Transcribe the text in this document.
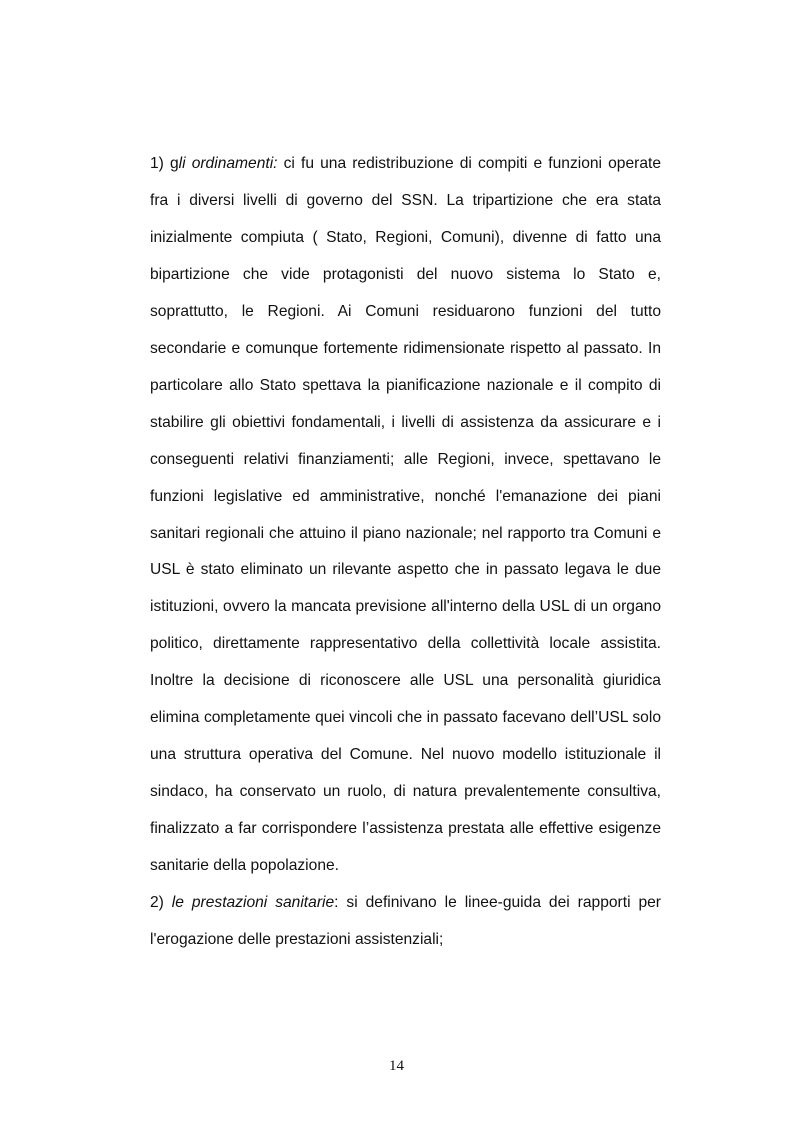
1) gli ordinamenti: ci fu una redistribuzione di compiti e funzioni operate fra i diversi livelli di governo del SSN. La tripartizione che era stata inizialmente compiuta ( Stato, Regioni, Comuni), divenne di fatto una bipartizione che vide protagonisti del nuovo sistema lo Stato e, soprattutto, le Regioni. Ai Comuni residuarono funzioni del tutto secondarie e comunque fortemente ridimensionate rispetto al passato. In particolare allo Stato spettava la pianificazione nazionale e il compito di stabilire gli obiettivi fondamentali, i livelli di assistenza da assicurare e i conseguenti relativi finanziamenti; alle Regioni, invece, spettavano le funzioni legislative ed amministrative, nonché l'emanazione dei piani sanitari regionali che attuino il piano nazionale; nel rapporto tra Comuni e USL è stato eliminato un rilevante aspetto che in passato legava le due istituzioni, ovvero la mancata previsione all'interno della USL di un organo politico, direttamente rappresentativo della collettività locale assistita. Inoltre la decisione di riconoscere alle USL una personalità giuridica elimina completamente quei vincoli che in passato facevano dell’USL solo una struttura operativa del Comune. Nel nuovo modello istituzionale il sindaco, ha conservato un ruolo, di natura prevalentemente consultiva, finalizzato a far corrispondere l’assistenza prestata alle effettive esigenze sanitarie della popolazione.

2) le prestazioni sanitarie: si definivano le linee-guida dei rapporti per l'erogazione delle prestazioni assistenziali;

14
